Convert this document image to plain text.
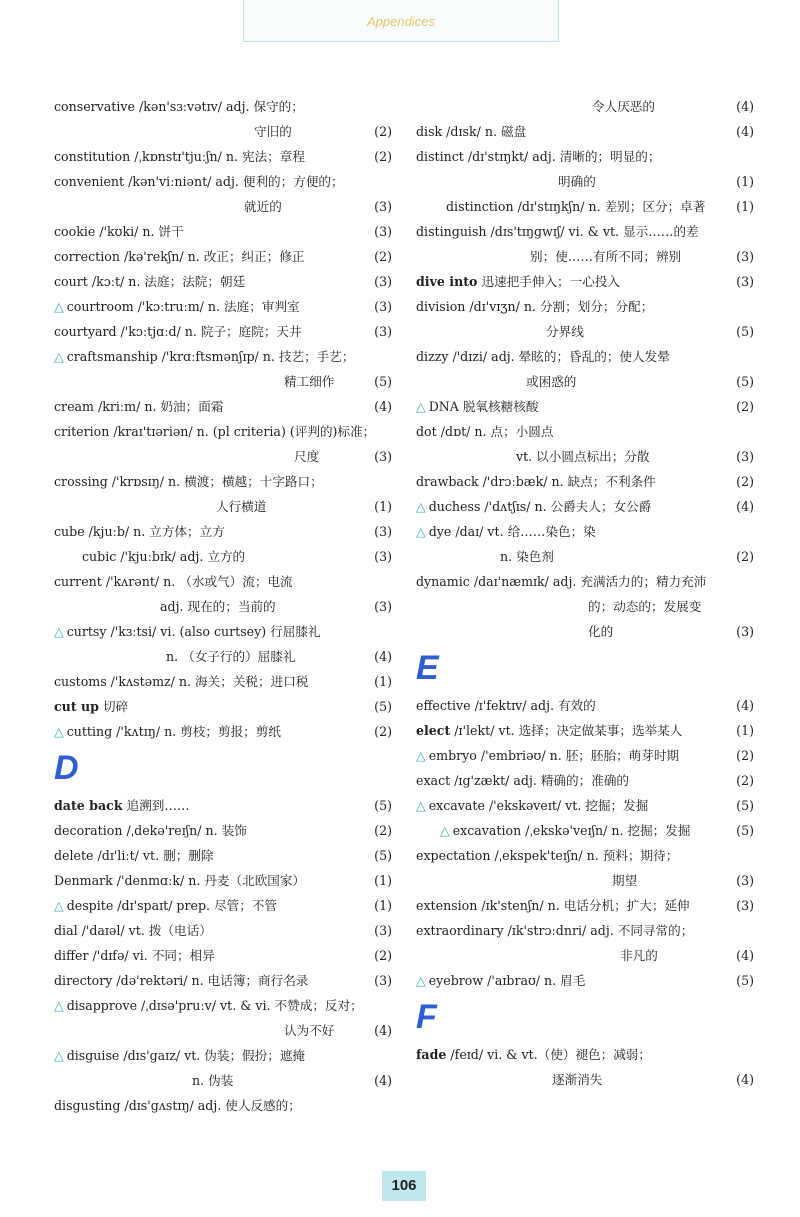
Appendices
conservative /kən'sɜːvətɪv/ adj. 保守的；
守旧的	(2)
constitution /ˌkɒnstɪ'tjuːʃn/ n. 宪法；章程	(2)
convenient /kən'viːniənt/ adj. 便利的；方便的；
就近的	(3)
cookie /'kʊki/ n. 饼干	(3)
correction /kə'rekʃn/ n. 改正；纠正；修正	(2)
court /kɔːt/ n. 法庭；法院；朝廷	(3)
△ courtroom /'kɔːtruːm/ n. 法庭；审判室	(3)
courtyard /'kɔːtjɑːd/ n. 院子；庭院；天井	(3)
△ craftsmanship /'krɑːftsmənʃɪp/ n. 技艺；手艺；
精工细作	(5)
cream /kriːm/ n. 奶油；面霜	(4)
criterion /kraɪ'tɪəriən/ n. (pl criteria) (评判的)标准；
尺度	(3)
crossing /'krɒsɪŋ/ n. 横渡；横越；十字路口；
人行横道	(1)
cube /kjuːb/ n. 立方体；立方	(3)
cubic /'kjuːbɪk/ adj. 立方的	(3)
current /'kʌrənt/ n. （水或气）流；电流
adj. 现在的；当前的	(3)
△ curtsy /'kɜːtsi/ vi. (also curtsey) 行屈膝礼
n. （女子行的）屈膝礼	(4)
customs /'kʌstəmz/ n. 海关；关税；进口税	(1)
cut up 切碎	(5)
△ cutting /'kʌtɪŋ/ n. 剪枝；剪报；剪纸	(2)
D
date back 追溯到……	(5)
decoration /ˌdekə'reɪʃn/ n. 装饰	(2)
delete /dɪ'liːt/ vt. 删；删除	(5)
Denmark /'denmɑːk/ n. 丹麦（北欧国家）	(1)
△ despite /dɪ'spaɪt/ prep. 尽管；不管	(1)
dial /'daɪəl/ vt. 拨（电话）	(3)
differ /'dɪfə/ vi. 不同；相异	(2)
directory /də'rektəri/ n. 电话簿；商行名录	(3)
△ disapprove /ˌdɪsə'pruːv/ vt. & vi. 不赞成；反对；
认为不好	(4)
△ disguise /dɪs'gaɪz/ vt. 伪装；假扮；遮掩
n. 伪装	(4)
disgusting /dɪs'gʌstɪŋ/ adj. 使人反感的；
令人厌恶的	(4)
disk /dɪsk/ n. 磁盘	(4)
distinct /dɪ'stɪŋkt/ adj. 清晰的；明显的；
明确的	(1)
distinction /dɪ'stɪŋkʃn/ n. 差别；区分；卓著	(1)
distinguish /dɪs'tɪŋgwɪʃ/ vi. & vt. 显示……的差
别；使……有所不同；辨别	(3)
dive into 迅速把手伸入；一心投入	(3)
division /dɪ'vɪʒn/ n. 分割；划分；分配；
分界线	(5)
dizzy /'dɪzi/ adj. 晕眩的；昏乱的；使人发晕
或困惑的	(5)
△ DNA 脱氧核糖核酸	(2)
dot /dɒt/ n. 点；小圆点
vt. 以小圆点标出；分散	(3)
drawback /'drɔːbæk/ n. 缺点；不利条件	(2)
△ duchess /'dʌtʃɪs/ n. 公爵夫人；女公爵	(4)
△ dye /daɪ/ vt. 给……染色；染
n. 染色剂	(2)
dynamic /daɪ'næmɪk/ adj. 充满活力的；精力充沛
的；动态的；发展变
化的	(3)
E
effective /ɪ'fektɪv/ adj. 有效的	(4)
elect /ɪ'lekt/ vt. 选择；决定做某事；选举某人	(1)
△ embryo /'embriəʊ/ n. 胚；胚胎；萌芽时期	(2)
exact /ɪg'zækt/ adj. 精确的；准确的	(2)
△ excavate /'ekskəveɪt/ vt. 挖掘；发掘	(5)
△ excavation /ˌekskə'veɪʃn/ n. 挖掘；发掘	(5)
expectation /ˌekspek'teɪʃn/ n. 预料；期待；
期望	(3)
extension /ɪk'stenʃn/ n. 电话分机；扩大；延伸	(3)
extraordinary /ɪk'strɔːdnri/ adj. 不同寻常的；
非凡的	(4)
△ eyebrow /'aɪbraʊ/ n. 眉毛	(5)
F
fade /feɪd/ vi. & vt.（使）褪色；减弱；
逐渐消失	(4)
106
